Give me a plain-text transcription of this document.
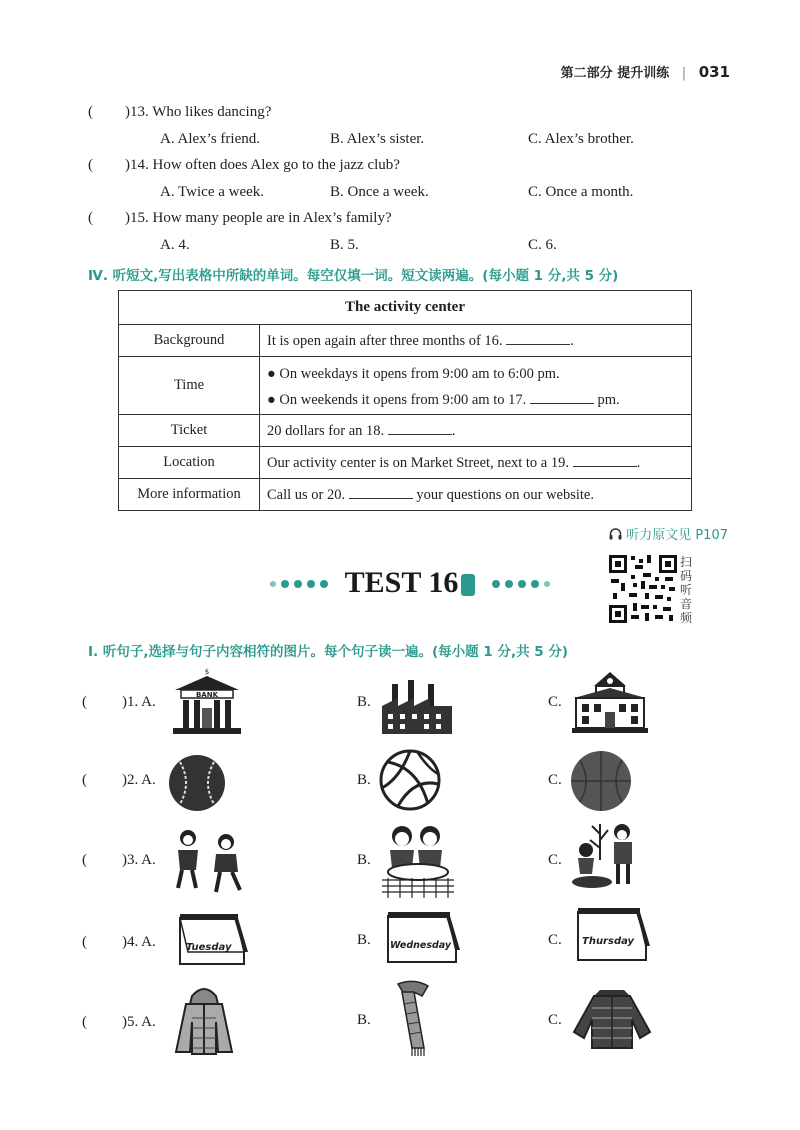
第二部分 提升训练 | 031
( )13. Who likes dancing?
A. Alex’s friend.	B. Alex’s sister.	C. Alex’s brother.
( )14. How often does Alex go to the jazz club?
A. Twice a week.	B. Once a week.	C. Once a month.
( )15. How many people are in Alex’s family?
A. 4.	B. 5.	C. 6.
Ⅳ. 听短文,写出表格中所缺的单词。每空仅填一词。短文读两遍。(每小题 1 分,共 5 分)
The activity center	
Background	It is open again after three months of 16. .
Time	● On weekdays it opens from 9:00 am to 6:00 pm.
● On weekends it opens from 9:00 am to 17. pm.

Ticket	20 dollars for an 18. .
Location	Our activity center is on Market Street, next to a 19. .
More information	Call us or 20. your questions on our website.
听力原文见 P107
TEST 16
扫
码
听
音
频
Ⅰ. 听句子,选择与句子内容相符的图片。每个句子读一遍。(每小题 1 分,共 5 分)
( )1. A.	BANK
$
B.	C.
( )2. A.	B.	C.
( )3. A.	B.	C.
( )4. A.	Tuesday	B. Wednesday	C. Thursday
( )5. A.	B.	C.
